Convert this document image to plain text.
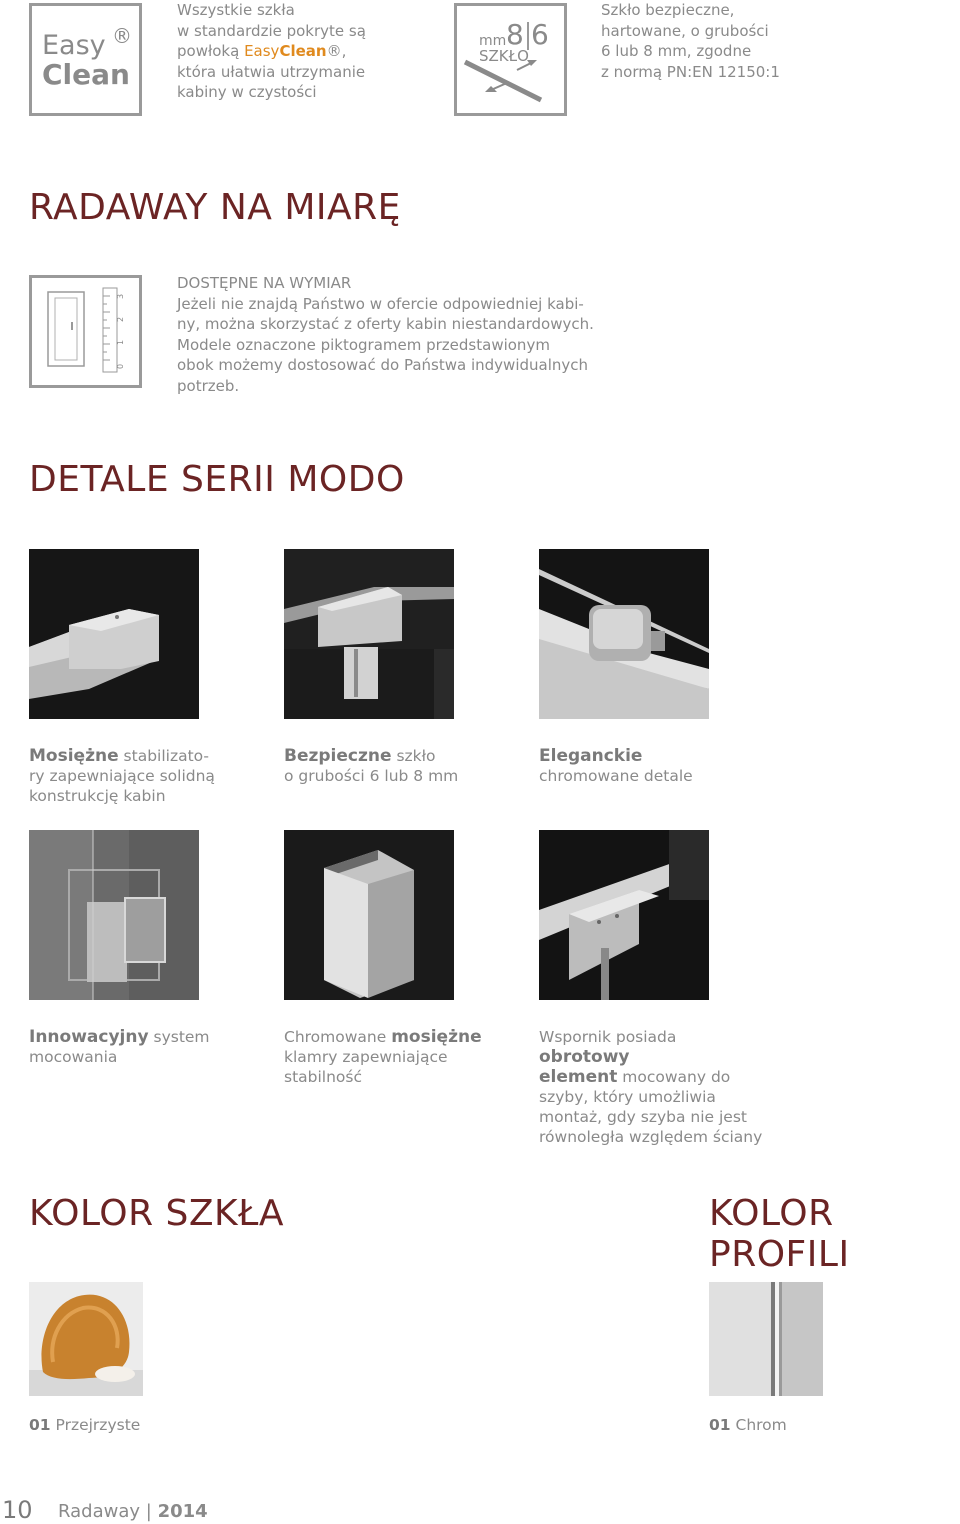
Easy
Clean
®
Wszystkie szkła
w standardzie pokryte są
powłoką EasyClean®,
która ułatwia utrzymanie
kabiny w czystości
mm 8 6
SZKŁO
Szkło bezpieczne,
hartowane, o grubości
6 lub 8 mm, zgodne
z normą PN:EN 12150:1
RADAWAY NA MIARĘ
0
1
2
3
DOSTĘPNE NA WYMIAR
Jeżeli nie znajdą Państwo w ofercie odpowiedniej kabi-
ny, można skorzystać z oferty kabin niestandardowych.
Modele oznaczone piktogramem przedstawionym
obok możemy dostosować do Państwa indywidualnych
potrzeb.
DETALE SERII MODO
Mosiężne stabilizato-
ry zapewniające solidną
konstrukcję kabin
Bezpieczne szkło
o grubości 6 lub 8 mm
Eleganckie
chromowane detale
Innowacyjny system
mocowania
Chromowane mosiężne
klamry zapewniające
stabilność
Wspornik posiada obrotowy
element mocowany do
szyby, który umożliwia
montaż, gdy szyba nie jest
równoległa względem ściany
KOLOR SZKŁA	KOLOR PROFILI
01 Przejrzyste	01 Chrom
10 Radaway | 2014
